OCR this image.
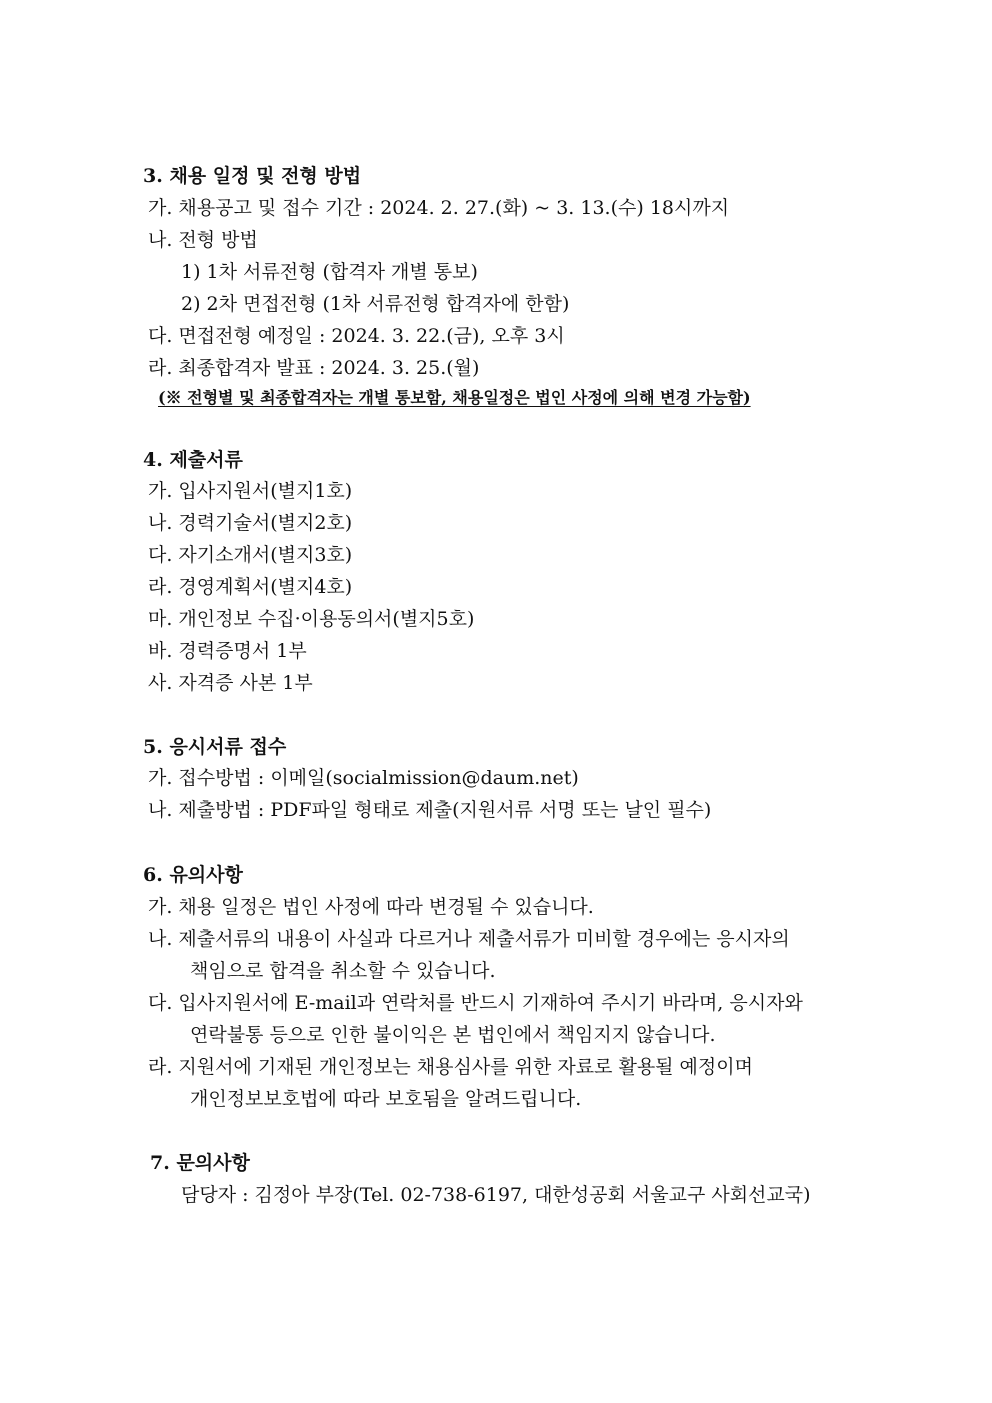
3. 채용 일정 및 전형 방법
가. 채용공고 및 접수 기간 : 2024. 2. 27.(화) ~ 3. 13.(수) 18시까지
나. 전형 방법
1) 1차 서류전형 (합격자 개별 통보)
2) 2차 면접전형 (1차 서류전형 합격자에 한함)
다. 면접전형 예정일 : 2024. 3. 22.(금), 오후 3시
라. 최종합격자 발표 : 2024. 3. 25.(월)
(※ 전형별 및 최종합격자는 개별 통보함, 채용일정은 법인 사정에 의해 변경 가능함)
4. 제출서류
가. 입사지원서(별지1호)
나. 경력기술서(별지2호)
다. 자기소개서(별지3호)
라. 경영계획서(별지4호)
마. 개인정보 수집·이용동의서(별지5호)
바. 경력증명서 1부
사. 자격증 사본 1부
5. 응시서류 접수
가. 접수방법 : 이메일(socialmission@daum.net)
나. 제출방법 : PDF파일 형태로 제출(지원서류 서명 또는 날인 필수)
6. 유의사항
가. 채용 일정은 법인 사정에 따라 변경될 수 있습니다.
나. 제출서류의 내용이 사실과 다르거나 제출서류가 미비할 경우에는 응시자의
책임으로 합격을 취소할 수 있습니다.
다. 입사지원서에 E-mail과 연락처를 반드시 기재하여 주시기 바라며, 응시자와
연락불통 등으로 인한 불이익은 본 법인에서 책임지지 않습니다.
라. 지원서에 기재된 개인정보는 채용심사를 위한 자료로 활용될 예정이며
개인정보보호법에 따라 보호됨을 알려드립니다.
7. 문의사항
담당자 : 김정아 부장(Tel. 02-738-6197, 대한성공회 서울교구 사회선교국)
